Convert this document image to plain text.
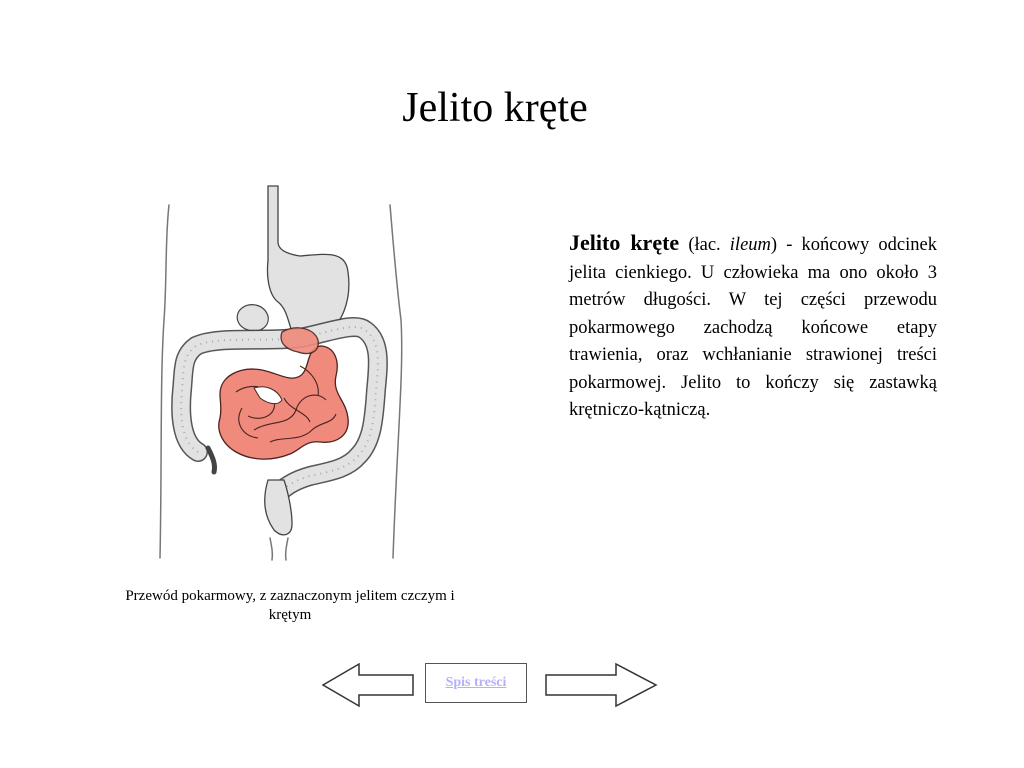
Jelito kręte
Przewód pokarmowy, z zaznaczonym jelitem czczym i krętym

Jelito kręte (łac. ileum) - końcowy odcinek jelita cienkiego. U człowieka ma ono około 3 metrów długości. W tej części przewodu pokarmowego zachodzą końcowe etapy trawienia, oraz wchłanianie strawionej treści pokarmowej. Jelito to kończy się zastawką krętniczo-kątniczą.

Spis treści
